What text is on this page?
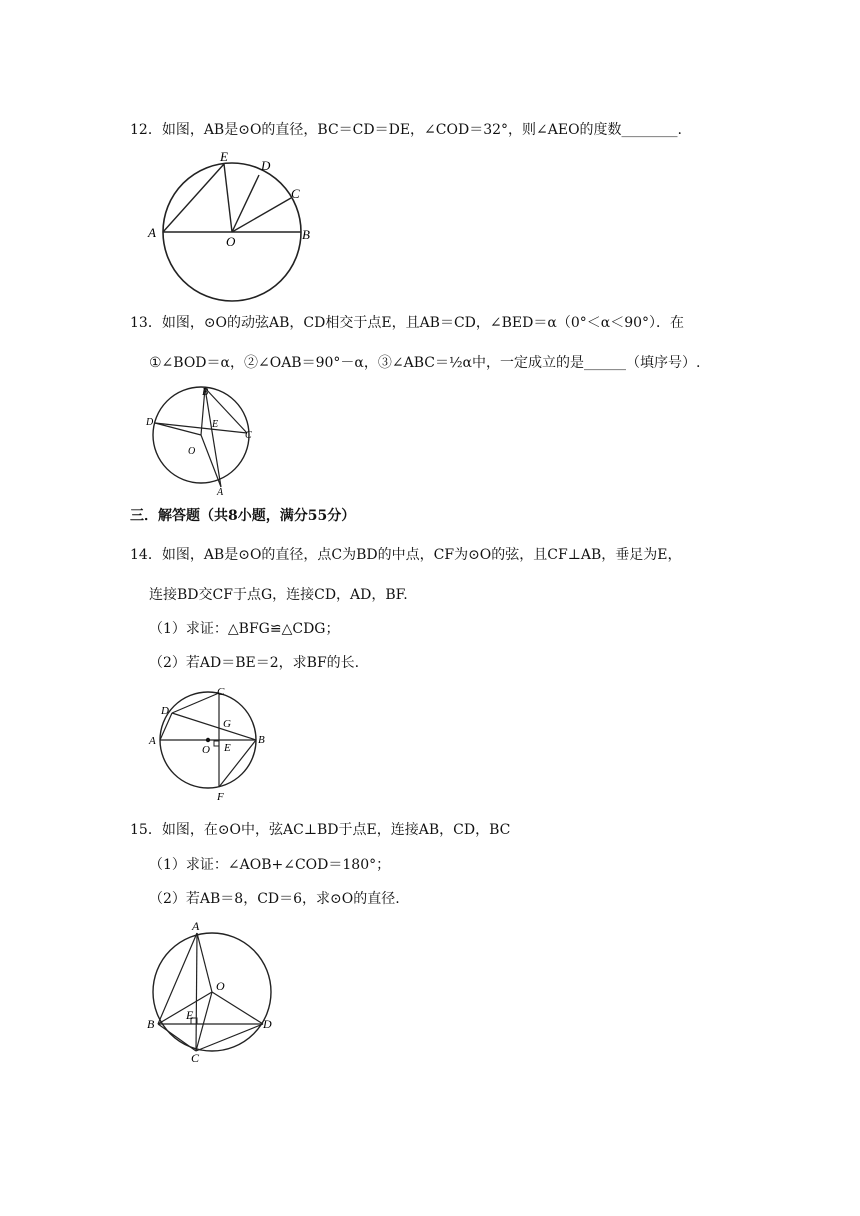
12．如图，AB是⊙O的直径，BC＝CD＝DE，∠COD＝32°，则∠AEO的度数________.
E
D
C
A
O	B
13．如图，⊙O的动弦AB，CD相交于点E，且AB＝CD，∠BED＝α（0°＜α＜90°）．在
①∠BOD＝α，②∠OAB＝90°－α，③∠ABC＝½α中，一定成立的是______（填序号）.
B
D	E
C
O
A
三．解答题（共8小题，满分55分）
14．如图，AB是⊙O的直径，点C为BD的中点，CF为⊙O的弦，且CF⊥AB，垂足为E，
连接BD交CF于点G，连接CD，AD，BF.
（1）求证：△BFG≌△CDG；
（2）若AD＝BE＝2，求BF的长.
C
D
G
A
O E
B
F
15．如图，在⊙O中，弦AC⊥BD于点E，连接AB，CD，BC
（1）求证：∠AOB+∠COD＝180°；
（2）若AB＝8，CD＝6，求⊙O的直径.
A
O
E
B	D
C
